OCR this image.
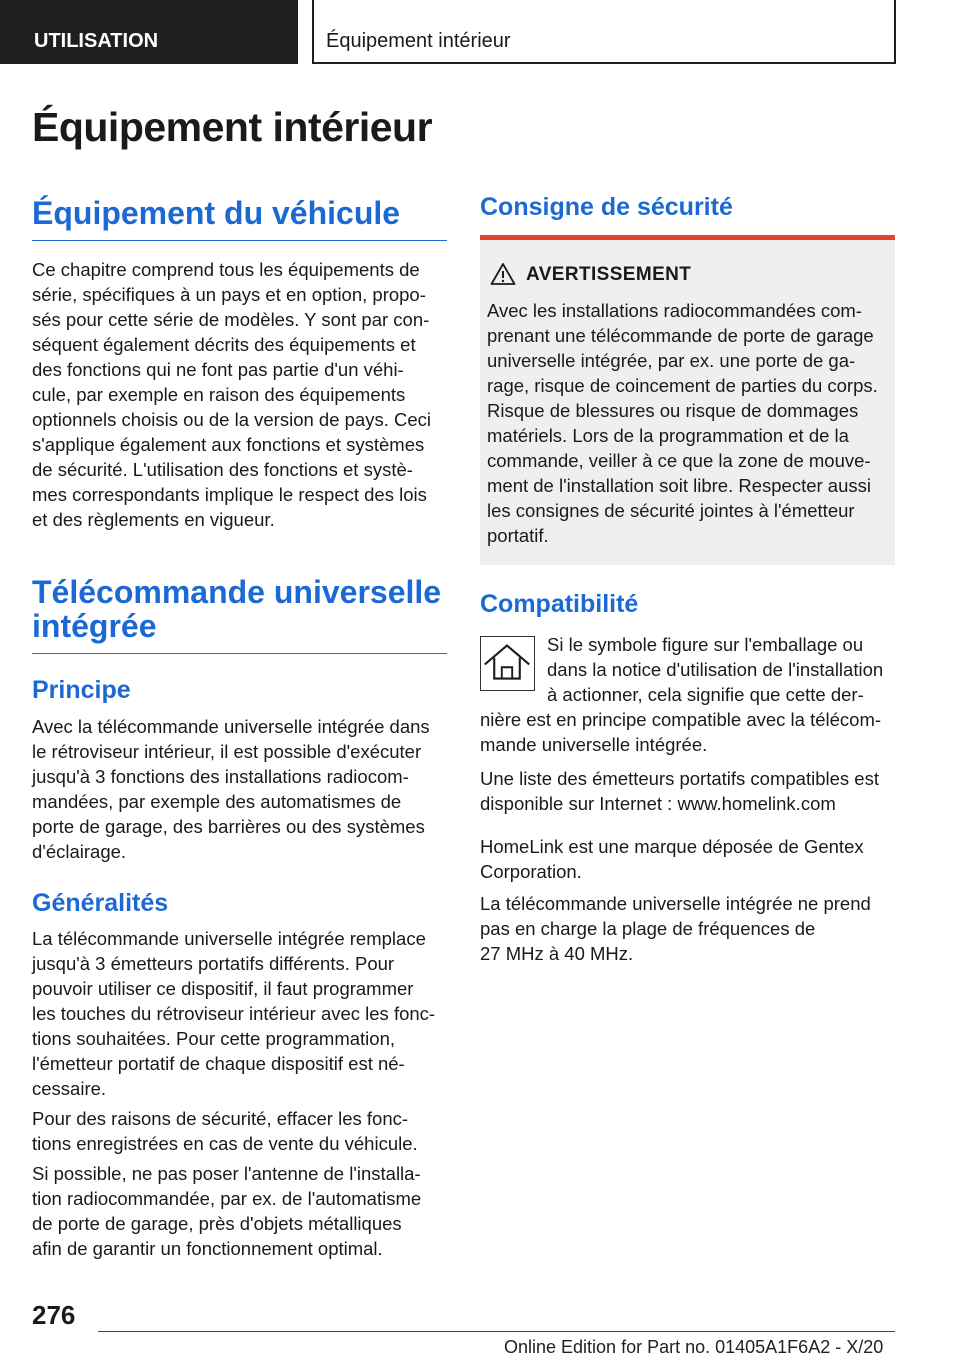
UTILISATION	Équipement intérieur
Équipement intérieur
Équipement du véhicule
Ce chapitre comprend tous les équipements de
série, spécifiques à un pays et en option, propo-
sés pour cette série de modèles. Y sont par con-
séquent également décrits des équipements et
des fonctions qui ne font pas partie d'un véhi-
cule, par exemple en raison des équipements
optionnels choisis ou de la version de pays. Ceci
s'applique également aux fonctions et systèmes
de sécurité. L'utilisation des fonctions et systè-
mes correspondants implique le respect des lois
et des règlements en vigueur.
Télécommande universelle
intégrée
Principe
Avec la télécommande universelle intégrée dans
le rétroviseur intérieur, il est possible d'exécuter
jusqu'à 3 fonctions des installations radiocom-
mandées, par exemple des automatismes de
porte de garage, des barrières ou des systèmes
d'éclairage.
Généralités
La télécommande universelle intégrée remplace
jusqu'à 3 émetteurs portatifs différents. Pour
pouvoir utiliser ce dispositif, il faut programmer
les touches du rétroviseur intérieur avec les fonc-
tions souhaitées. Pour cette programmation,
l'émetteur portatif de chaque dispositif est né-
cessaire.
Pour des raisons de sécurité, effacer les fonc-
tions enregistrées en cas de vente du véhicule.
Si possible, ne pas poser l'antenne de l'installa-
tion radiocommandée, par ex. de l'automatisme
de porte de garage, près d'objets métalliques
afin de garantir un fonctionnement optimal.
Consigne de sécurité
AVERTISSEMENT
Avec les installations radiocommandées com-
prenant une télécommande de porte de garage
universelle intégrée, par ex. une porte de ga-
rage, risque de coincement de parties du corps.
Risque de blessures ou risque de dommages
matériels. Lors de la programmation et de la
commande, veiller à ce que la zone de mouve-
ment de l'installation soit libre. Respecter aussi
les consignes de sécurité jointes à l'émetteur
portatif.
Compatibilité
Si le symbole figure sur l'emballage ou
dans la notice d'utilisation de l'installation
à actionner, cela signifie que cette der-
nière est en principe compatible avec la télécom-
mande universelle intégrée.
Une liste des émetteurs portatifs compatibles est
disponible sur Internet : www.homelink.com
HomeLink est une marque déposée de Gentex
Corporation.
La télécommande universelle intégrée ne prend
pas en charge la plage de fréquences de
27 MHz à 40 MHz.
276
Online Edition for Part no. 01405A1F6A2 - X/20
